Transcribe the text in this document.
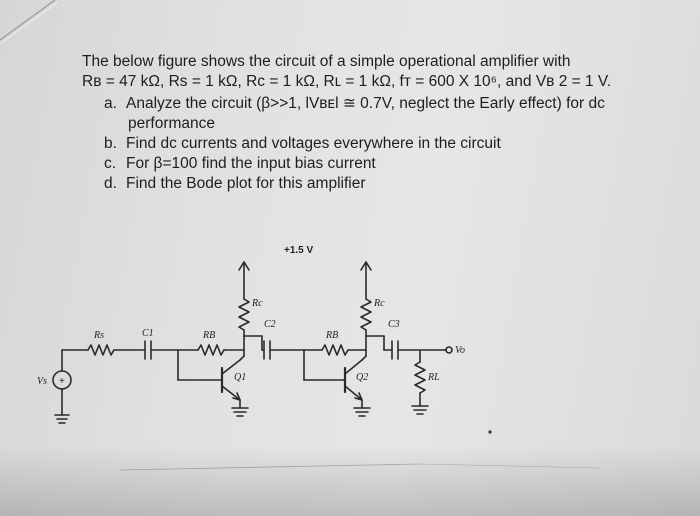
The below figure shows the circuit of a simple operational amplifier with
Rʙ = 47 kΩ, Rs = 1 kΩ, Rᴄ = 1 kΩ, Rʟ = 1 kΩ, fᴛ = 600 X 10⁶, and Vʙ 2 = 1 V.
a. Analyze the circuit (β>>1, lVʙᴇl ≅ 0.7V, neglect the Early effect) for dc
performance
b. Find dc currents and voltages everywhere in the circuit
c. For β=100 find the input bias current
d. Find the Bode plot for this amplifier
+1.5 V
Vs +
Rs	C1	RB
Rc
C2
Q1
RB
Rc
C3
Q2	RL
Vo
